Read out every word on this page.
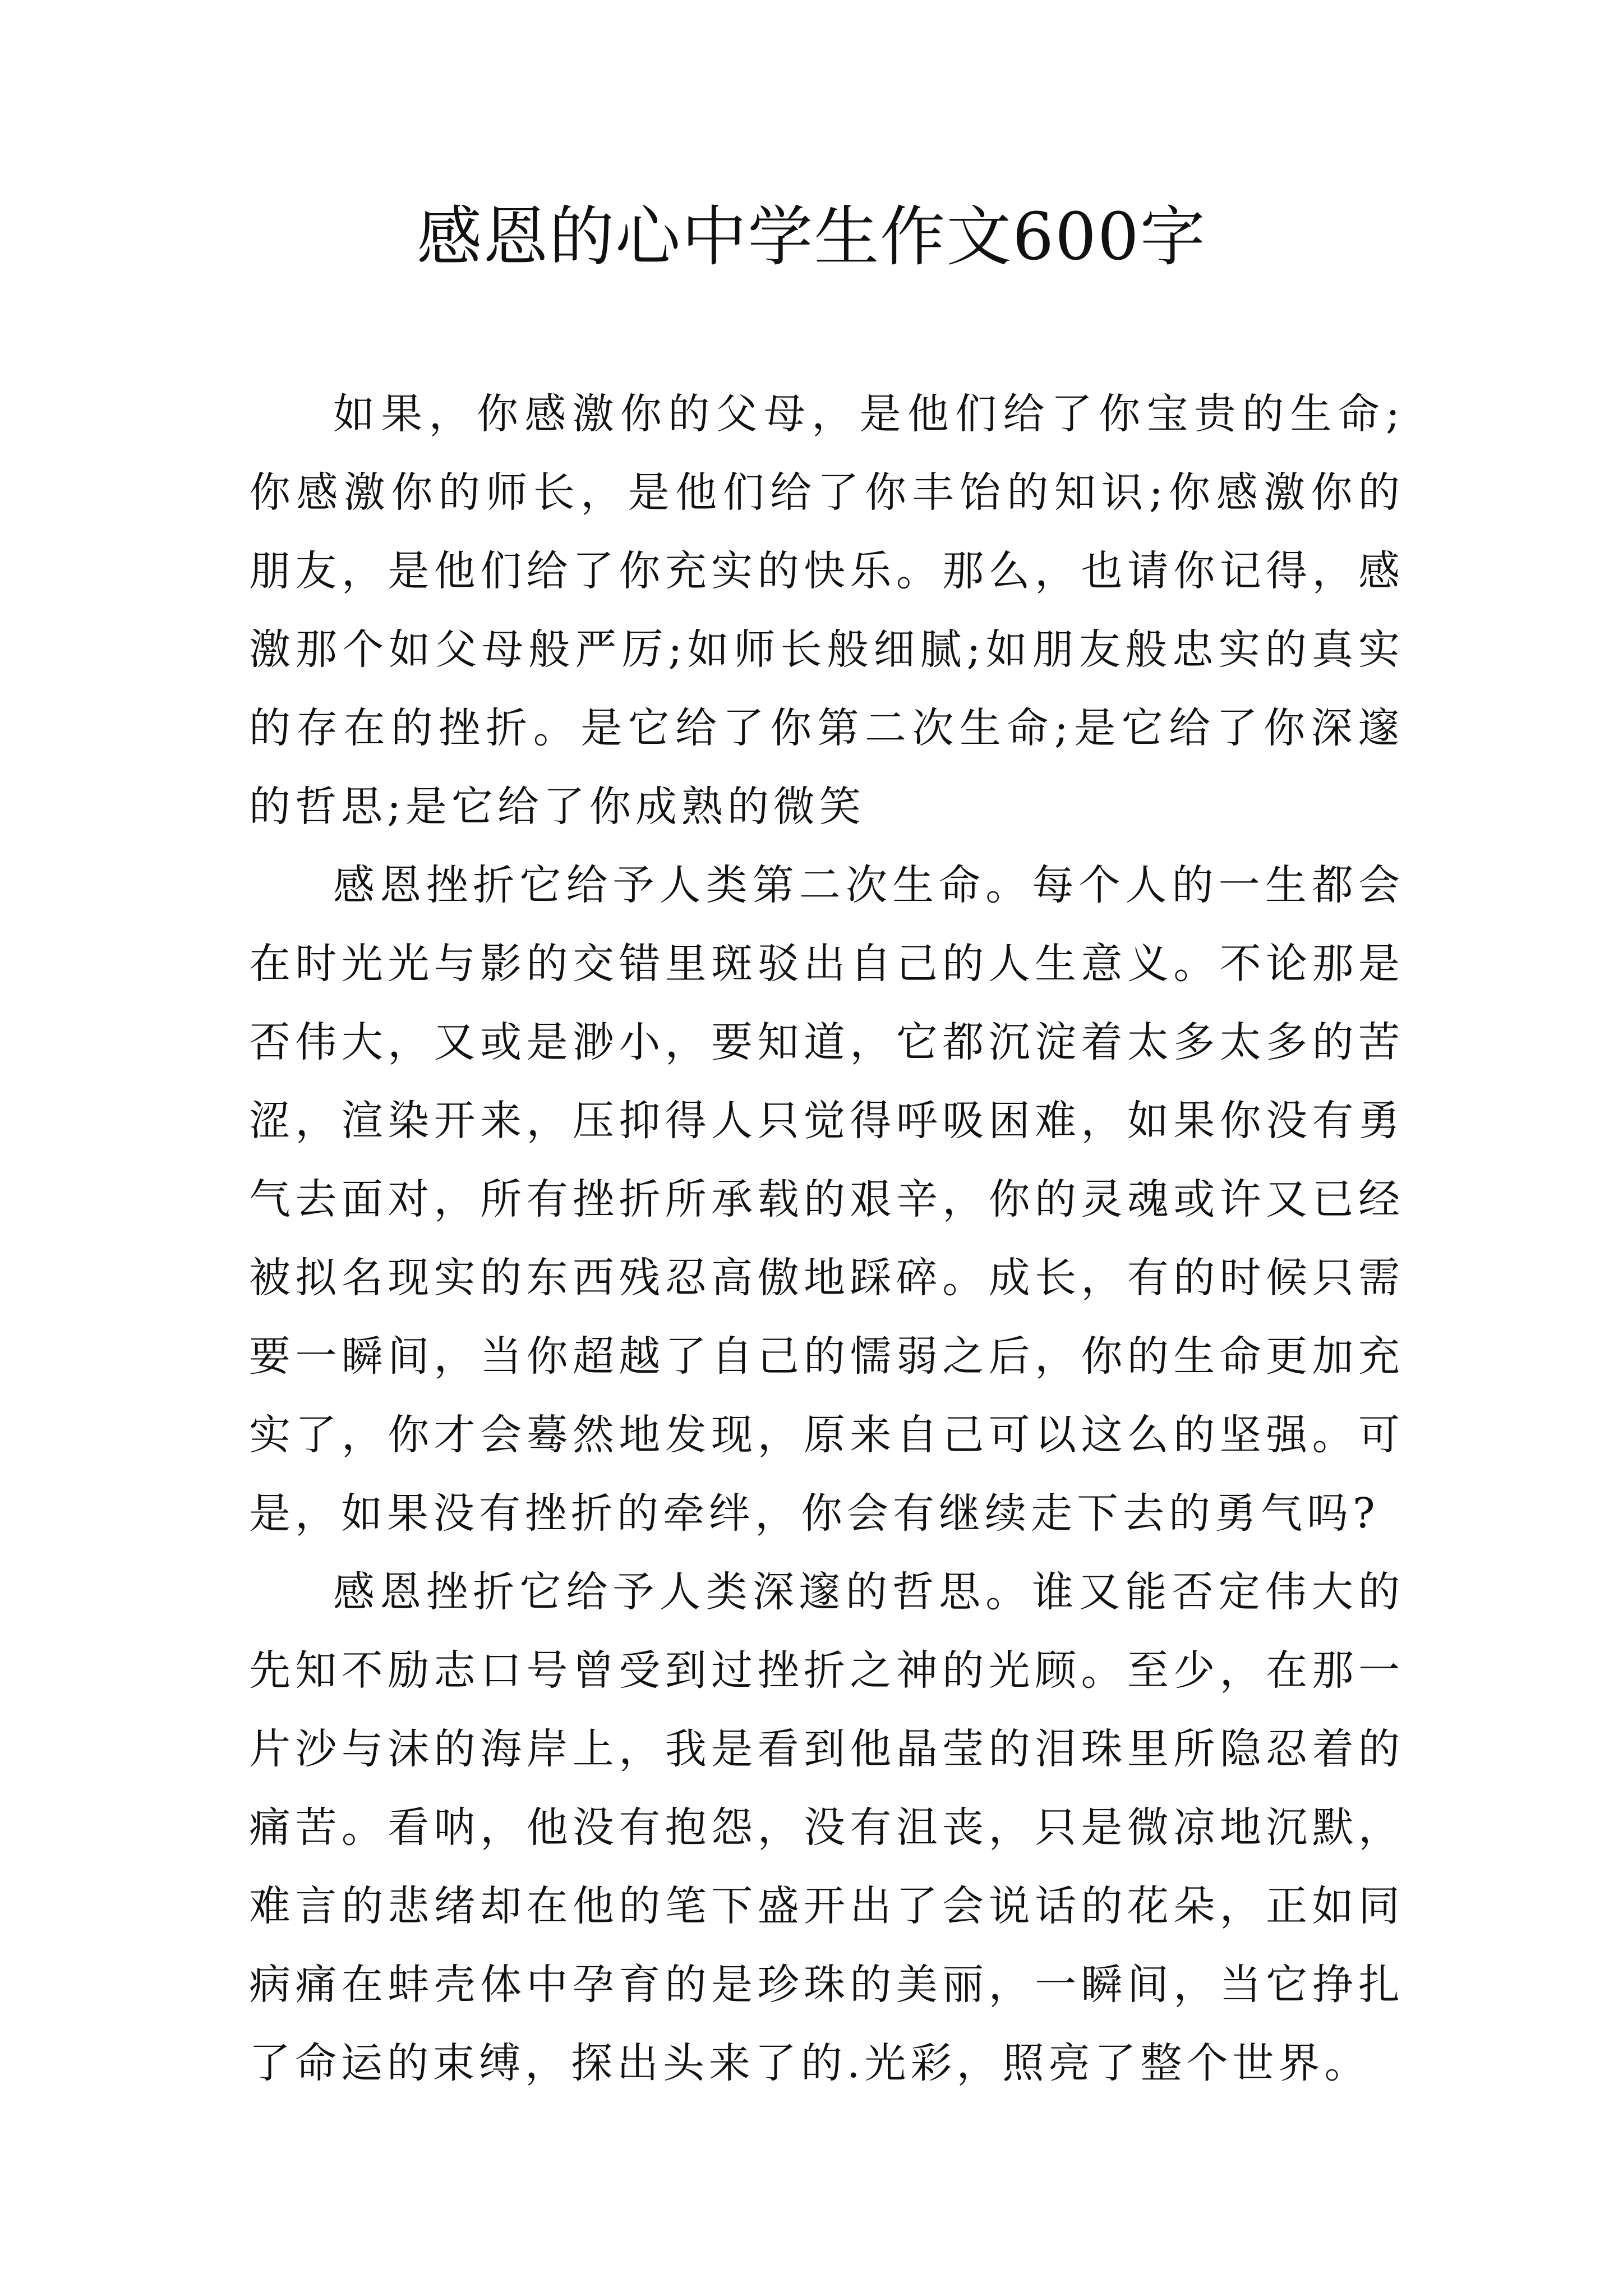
感恩的心中学生作文600字

如果，你感激你的父母，是他们给了你宝贵的生命;你感激你的师长，是他们给了你丰饴的知识;你感激你的朋友，是他们给了你充实的快乐。那么，也请你记得，感激那个如父母般严厉;如师长般细腻;如朋友般忠实的真实的存在的挫折。是它给了你第二次生命;是它给了你深邃的哲思;是它给了你成熟的微笑

感恩挫折它给予人类第二次生命。每个人的一生都会在时光光与影的交错里斑驳出自己的人生意义。不论那是否伟大，又或是渺小，要知道，它都沉淀着太多太多的苦涩，渲染开来，压抑得人只觉得呼吸困难，如果你没有勇气去面对，所有挫折所承载的艰辛，你的灵魂或许又已经被拟名现实的东西残忍高傲地踩碎。成长，有的时候只需要一瞬间，当你超越了自己的懦弱之后，你的生命更加充实了，你才会蓦然地发现，原来自己可以这么的坚强。可是，如果没有挫折的牵绊，你会有继续走下去的勇气吗?

感恩挫折它给予人类深邃的哲思。谁又能否定伟大的先知不励志口号曾受到过挫折之神的光顾。至少，在那一片沙与沫的海岸上，我是看到他晶莹的泪珠里所隐忍着的痛苦。看呐，他没有抱怨，没有沮丧，只是微凉地沉默，难言的悲绪却在他的笔下盛开出了会说话的花朵，正如同病痛在蚌壳体中孕育的是珍珠的美丽，一瞬间，当它挣扎了命运的束缚，探出头来了的.光彩，照亮了整个世界。
